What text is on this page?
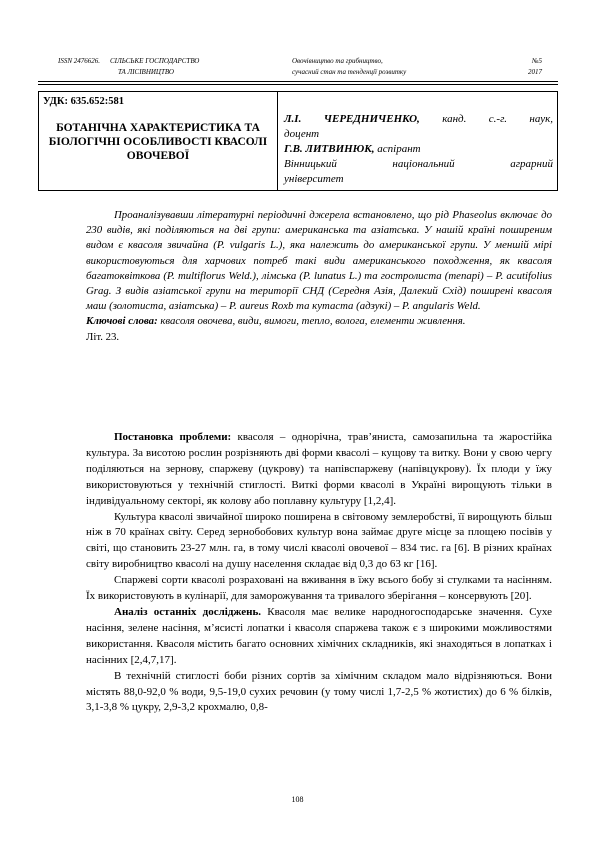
ISSN 2476626. СІЛЬСЬКЕ ГОСПОДАРСТВО
ТА ЛІСІВНИЦТВО
Овочівництво та грибництво,
сучасний стан та тенденції розвитку
№5
2017
УДК: 635.652:581
БОТАНІЧНА ХАРАКТЕРИСТИКА ТА БІОЛОГІЧНІ ОСОБЛИВОСТІ КВАСОЛІ ОВОЧЕВОЇ
Л.І. ЧЕРЕДНИЧЕНКО, канд. с.-г. наук,
доцент
Г.В. ЛИТВИНЮК, аспірант
Вінницький національний аграрний
університет

Проаналізувавши літературні періодичні джерела встановлено, що рід Phaseolus включає до 230 видів, які поділяються на дві групи: американська та азіатська. У нашій країні поширеним видом є квасоля звичайна (P. vulgaris L.), яка належить до американської групи. У меншій мірі використовуються для харчових потреб такі види американського походження, як квасоля багатоквіткова (P. multiflorus Weld.), лімська (P. lunatus L.) та гостролиста (тепарі) – P. acutifolius Grag. З видів азіатської групи на території СНД (Середня Азія, Далекий Схід) поширені квасоля маш (золотиста, азіатська) – P. aureus Roxb та кутаста (адзукі) – P. angularis Weld.

Ключові слова: квасоля овочева, види, вимоги, тепло, волога, елементи живлення.

Літ. 23.

Постановка проблеми: квасоля – однорічна, трав’яниста, самозапильна та жаростійка культура. За висотою рослин розрізняють дві форми квасолі – кущову та витку. Вони у свою чергу поділяються на зернову, спаржеву (цукрову) та напівспаржеву (напівцукрову). Їх плоди у їжу використовуються у технічній стиглості. Виткі форми квасолі в Україні вирощують тільки в індивідуальному секторі, як колову або поплавну культуру [1,2,4].

Культура квасолі звичайної широко поширена в світовому землеробстві, її вирощують більш ніж в 70 країнах світу. Серед зернобобових культур вона займає друге місце за площею посівів у світі, що становить 23-27 млн. га, в тому числі квасолі овочевої – 834 тис. га [6]. В різних країнах світу виробництво квасолі на душу населення складає від 0,3 до 63 кг [16].

Спаржеві сорти квасолі розраховані на вживання в їжу всього бобу зі стулками та насінням. Їх використовують в кулінарії, для заморожування та тривалого зберігання – консервують [20].

Аналіз останніх досліджень. Квасоля має велике народногосподарське значення. Сухе насіння, зелене насіння, м’ясисті лопатки і квасоля спаржева також є з широкими можливостями використання. Квасоля містить багато основних хімічних складників, які знаходяться в лопатках і насінних [2,4,7,17].

В технічній стиглості боби різних сортів за хімічним складом мало відрізняються. Вони містять 88,0-92,0 % води, 9,5-19,0 сухих речовин (у тому числі 1,7-2,5 % жотистих) до 6 % білків, 3,1-3,8 % цукру, 2,9-3,2 крохмалю, 0,8-

108
